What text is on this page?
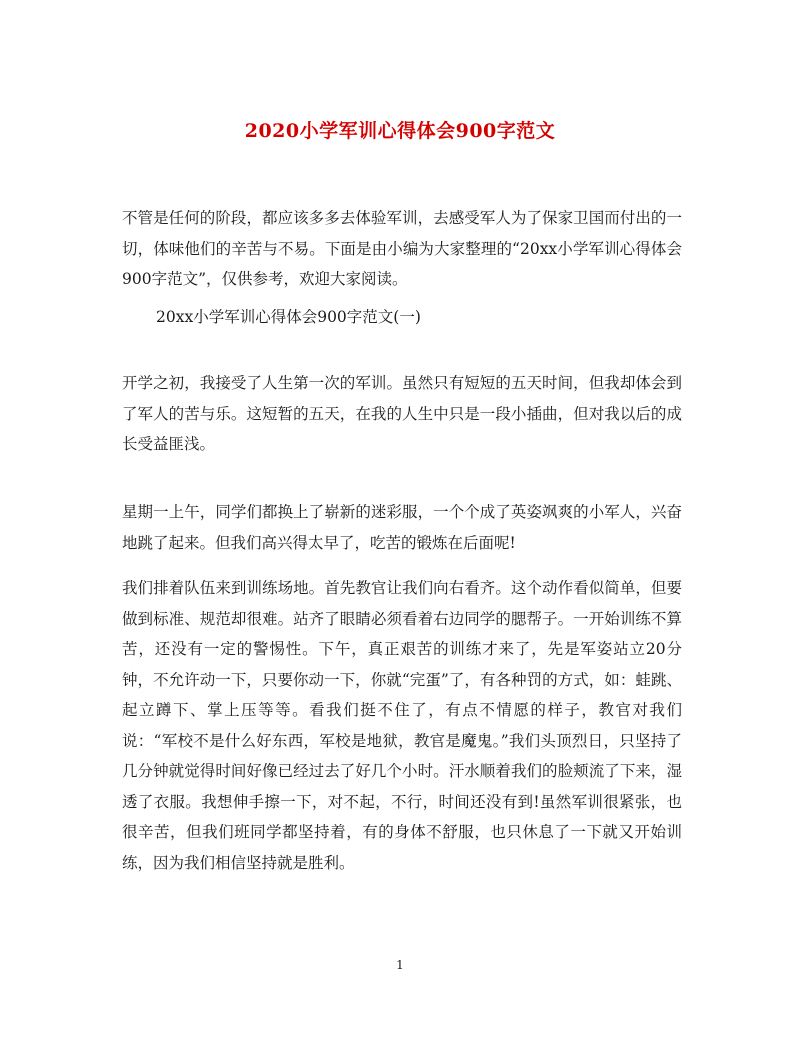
2020小学军训心得体会900字范文
不管是任何的阶段，都应该多多去体验军训，去感受军人为了保家卫国而付出的一切，体味他们的辛苦与不易。下面是由小编为大家整理的“20xx小学军训心得体会900字范文”，仅供参考，欢迎大家阅读。
20xx小学军训心得体会900字范文(一)
开学之初，我接受了人生第一次的军训。虽然只有短短的五天时间，但我却体会到了军人的苦与乐。这短暂的五天，在我的人生中只是一段小插曲，但对我以后的成长受益匪浅。
星期一上午，同学们都换上了崭新的迷彩服，一个个成了英姿飒爽的小军人，兴奋地跳了起来。但我们高兴得太早了，吃苦的锻炼在后面呢!
我们排着队伍来到训练场地。首先教官让我们向右看齐。这个动作看似简单，但要做到标准、规范却很难。站齐了眼睛必须看着右边同学的腮帮子。一开始训练不算苦，还没有一定的警惕性。下午，真正艰苦的训练才来了，先是军姿站立20分钟，不允许动一下，只要你动一下，你就“完蛋”了，有各种罚的方式，如：蛙跳、起立蹲下、掌上压等等。看我们挺不住了，有点不情愿的样子，教官对我们说：“军校不是什么好东西，军校是地狱，教官是魔鬼。”我们头顶烈日，只坚持了几分钟就觉得时间好像已经过去了好几个小时。汗水顺着我们的脸颊流了下来，湿透了衣服。我想伸手擦一下，对不起，不行，时间还没有到!虽然军训很紧张，也很辛苦，但我们班同学都坚持着，有的身体不舒服，也只休息了一下就又开始训练，因为我们相信坚持就是胜利。
1
